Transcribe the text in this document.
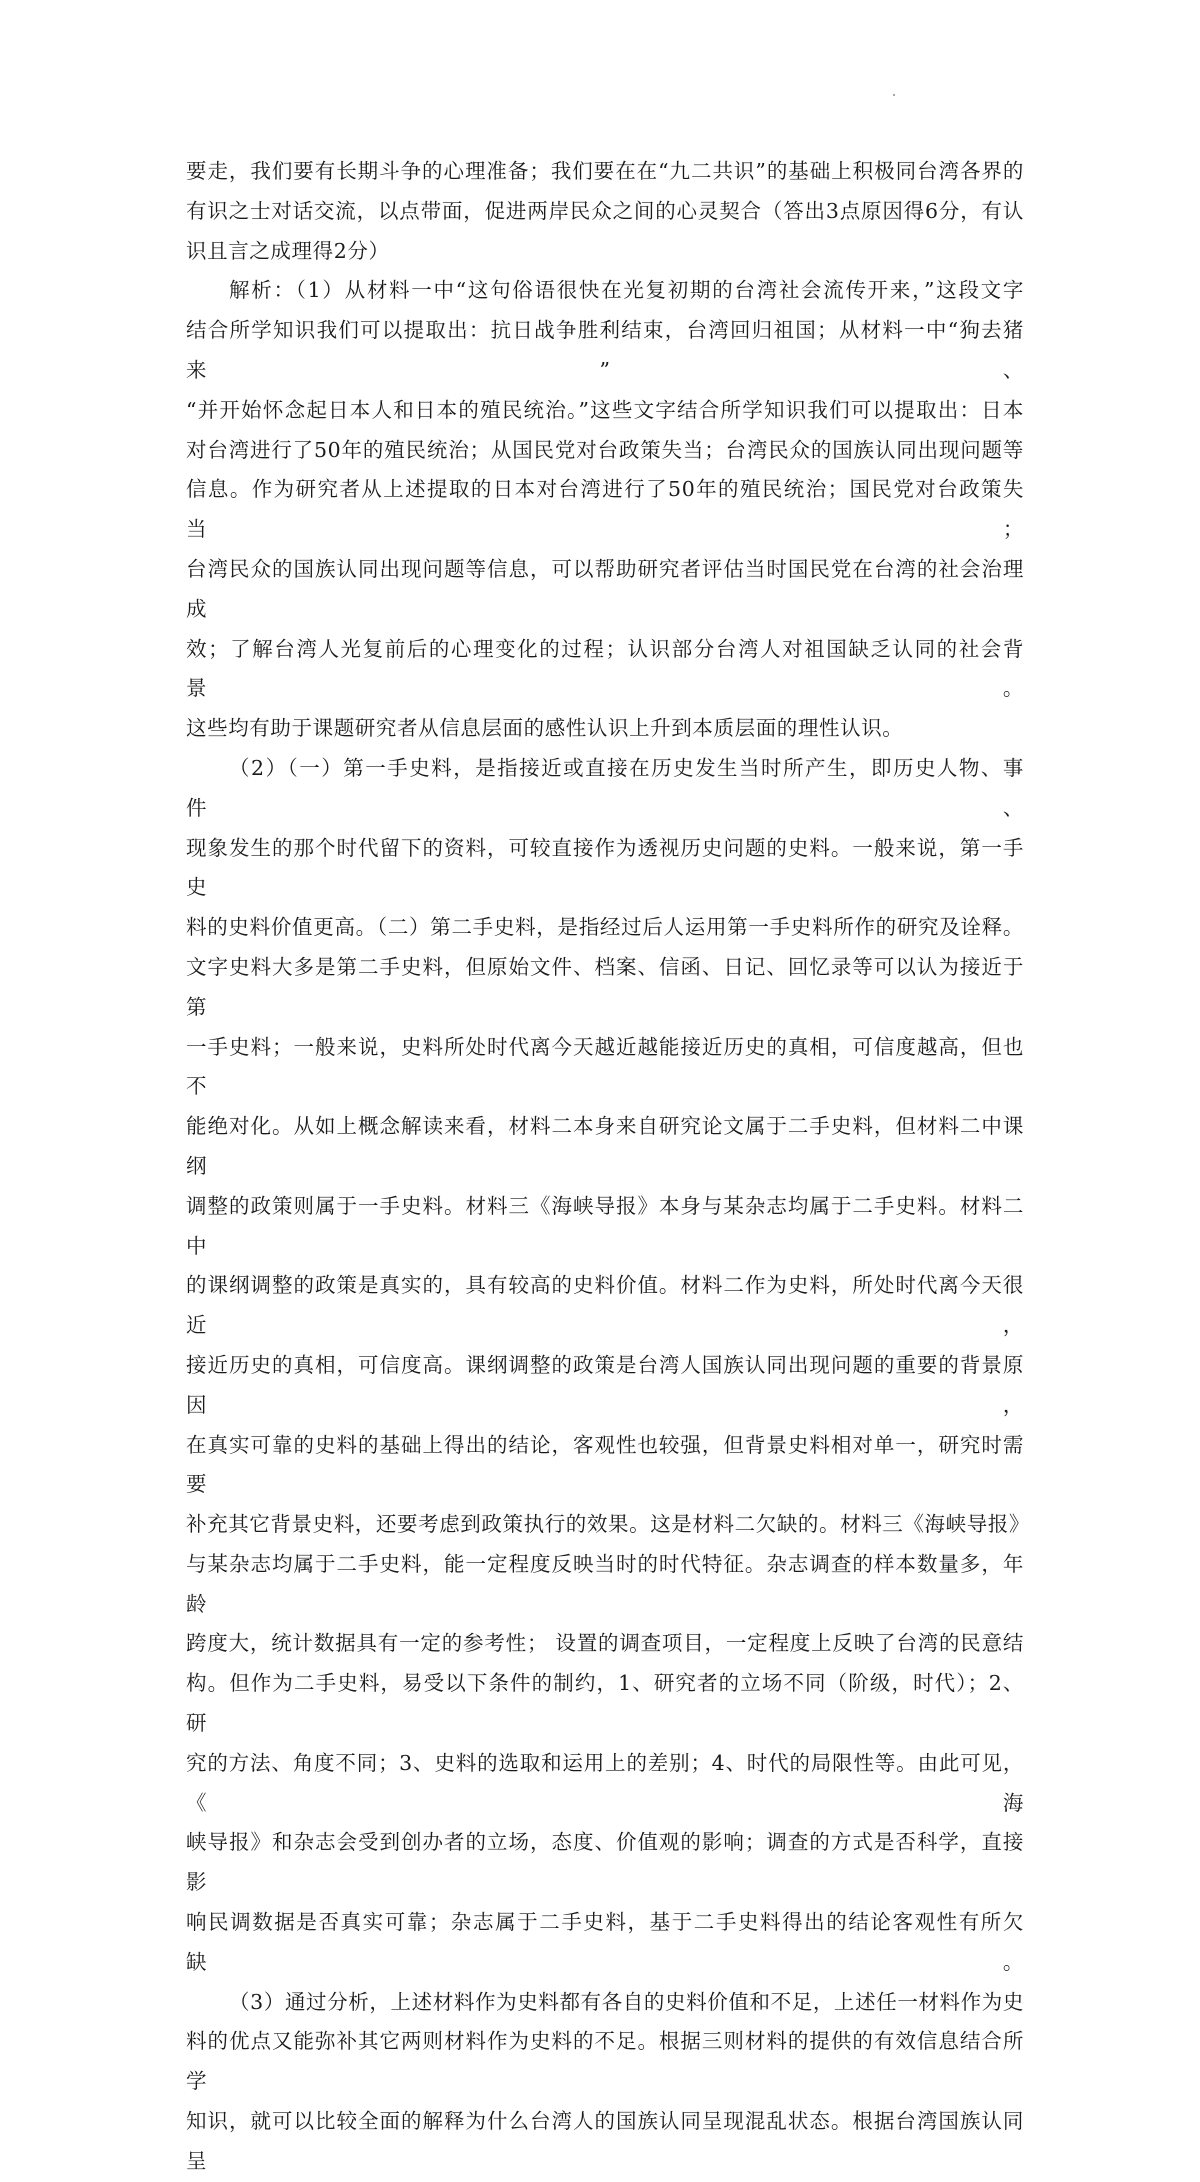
要走，我们要有长期斗争的心理准备；我们要在在“九二共识”的基础上积极同台湾各界的
有识之士对话交流，以点带面，促进两岸民众之间的心灵契合（答出3点原因得6分，有认
识且言之成理得2分）

解析：（1）从材料一中“这句俗语很快在光复初期的台湾社会流传开来，”这段文字
结合所学知识我们可以提取出：抗日战争胜利结束，台湾回归祖国；从材料一中“狗去猪来”、
“并开始怀念起日本人和日本的殖民统治。”这些文字结合所学知识我们可以提取出：日本
对台湾进行了50年的殖民统治；从国民党对台政策失当；台湾民众的国族认同出现问题等
信息。作为研究者从上述提取的日本对台湾进行了50年的殖民统治；国民党对台政策失当；
台湾民众的国族认同出现问题等信息，可以帮助研究者评估当时国民党在台湾的社会治理成
效；了解台湾人光复前后的心理变化的过程；认识部分台湾人对祖国缺乏认同的社会背景。
这些均有助于课题研究者从信息层面的感性认识上升到本质层面的理性认识。

（2）（一）第一手史料，是指接近或直接在历史发生当时所产生，即历史人物、事件、
现象发生的那个时代留下的资料，可较直接作为透视历史问题的史料。一般来说，第一手史
料的史料价值更高。（二）第二手史料，是指经过后人运用第一手史料所作的研究及诠释。
文字史料大多是第二手史料，但原始文件、档案、信函、日记、回忆录等可以认为接近于第
一手史料；一般来说，史料所处时代离今天越近越能接近历史的真相，可信度越高，但也不
能绝对化。从如上概念解读来看，材料二本身来自研究论文属于二手史料，但材料二中课纲
调整的政策则属于一手史料。材料三《海峡导报》本身与某杂志均属于二手史料。材料二中
的课纲调整的政策是真实的，具有较高的史料价值。材料二作为史料，所处时代离今天很近，
接近历史的真相，可信度高。课纲调整的政策是台湾人国族认同出现问题的重要的背景原因，
在真实可靠的史料的基础上得出的结论，客观性也较强，但背景史料相对单一，研究时需要
补充其它背景史料，还要考虑到政策执行的效果。这是材料二欠缺的。材料三《海峡导报》
与某杂志均属于二手史料，能一定程度反映当时的时代特征。杂志调查的样本数量多，年龄
跨度大，统计数据具有一定的参考性； 设置的调查项目，一定程度上反映了台湾的民意结
构。但作为二手史料，易受以下条件的制约，1、研究者的立场不同（阶级，时代）；2、研
究的方法、角度不同；3、史料的选取和运用上的差别；4、时代的局限性等。由此可见，《海
峡导报》和杂志会受到创办者的立场，态度、价值观的影响；调查的方式是否科学，直接影
响民调数据是否真实可靠；杂志属于二手史料，基于二手史料得出的结论客观性有所欠缺。

（3）通过分析，上述材料作为史料都有各自的史料价值和不足，上述任一材料作为史
料的优点又能弥补其它两则材料作为史料的不足。根据三则材料的提供的有效信息结合所学
知识，就可以比较全面的解释为什么台湾人的国族认同呈现混乱状态。根据台湾国族认同呈
